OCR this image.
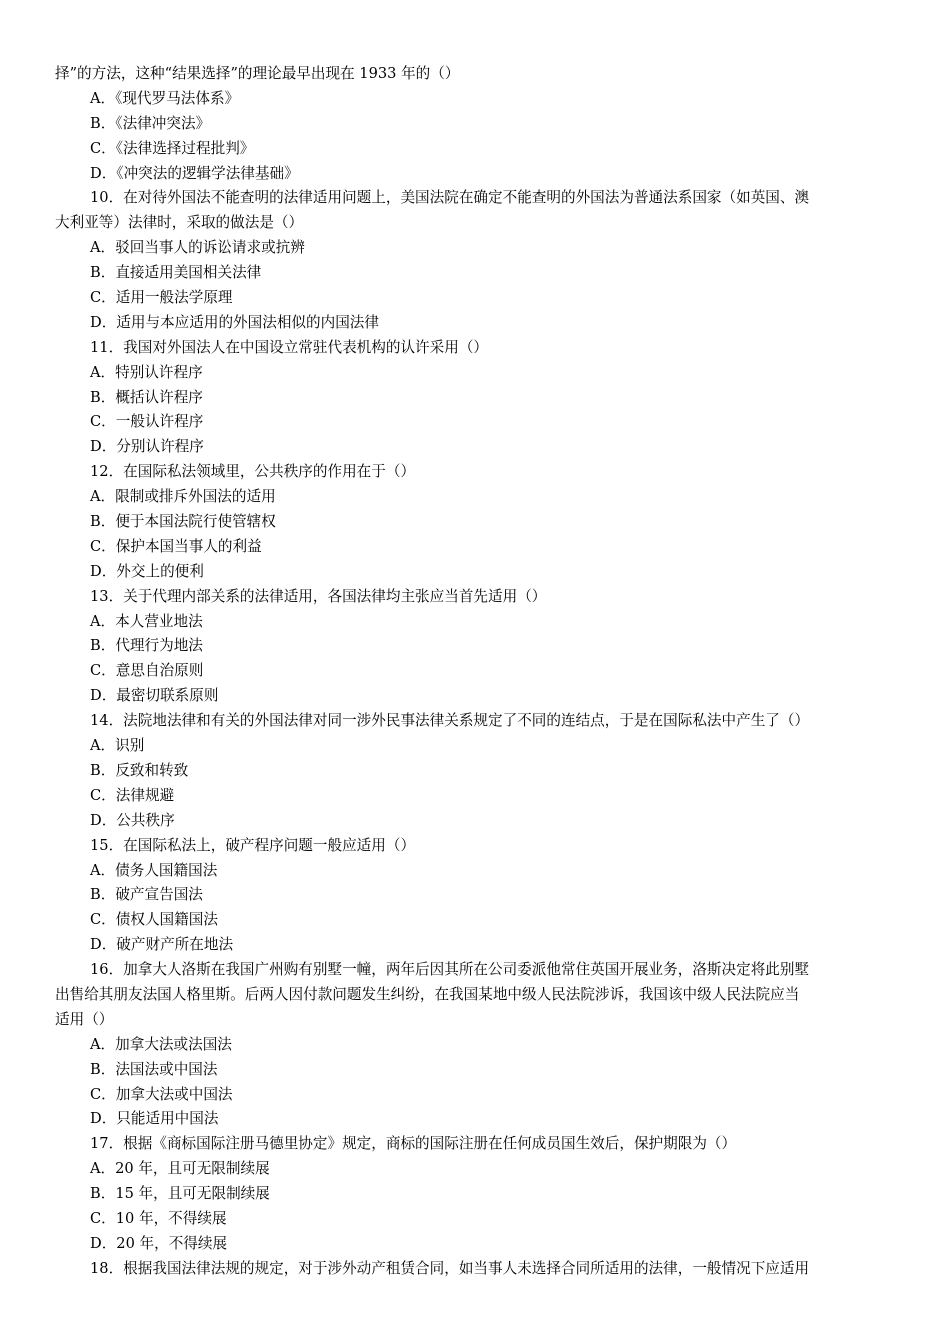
择”的方法，这种“结果选择”的理论最早出现在 1933 年的（）
A．《现代罗马法体系》
B．《法律冲突法》
C．《法律选择过程批判》
D．《冲突法的逻辑学法律基础》
10．在对待外国法不能查明的法律适用问题上，美国法院在确定不能查明的外国法为普通法系国家（如英国、澳
大利亚等）法律时，采取的做法是（）
A．驳回当事人的诉讼请求或抗辨
B．直接适用美国相关法律
C．适用一般法学原理
D．适用与本应适用的外国法相似的内国法律
11．我国对外国法人在中国设立常驻代表机构的认许采用（）
A．特别认许程序
B．概括认许程序
C．一般认许程序
D．分别认许程序
12．在国际私法领域里，公共秩序的作用在于（）
A．限制或排斥外国法的适用
B．便于本国法院行使管辖权
C．保护本国当事人的利益
D．外交上的便利
13．关于代理内部关系的法律适用，各国法律均主张应当首先适用（）
A．本人营业地法
B．代理行为地法
C．意思自治原则
D．最密切联系原则
14．法院地法律和有关的外国法律对同一涉外民事法律关系规定了不同的连结点，于是在国际私法中产生了（）
A．识别
B．反致和转致
C．法律规避
D．公共秩序
15．在国际私法上，破产程序问题一般应适用（）
A．债务人国籍国法
B．破产宣告国法
C．债权人国籍国法
D．破产财产所在地法
16．加拿大人洛斯在我国广州购有别墅一幢，两年后因其所在公司委派他常住英国开展业务，洛斯决定将此别墅
出售给其朋友法国人格里斯。后两人因付款问题发生纠纷，在我国某地中级人民法院涉诉，我国该中级人民法院应当
适用（）
A．加拿大法或法国法
B．法国法或中国法
C．加拿大法或中国法
D．只能适用中国法
17．根据《商标国际注册马德里协定》规定，商标的国际注册在任何成员国生效后，保护期限为（）
A．20 年，且可无限制续展
B．15 年，且可无限制续展
C．10 年，不得续展
D．20 年，不得续展
18．根据我国法律法规的规定，对于涉外动产租赁合同，如当事人未选择合同所适用的法律，一般情况下应适用
